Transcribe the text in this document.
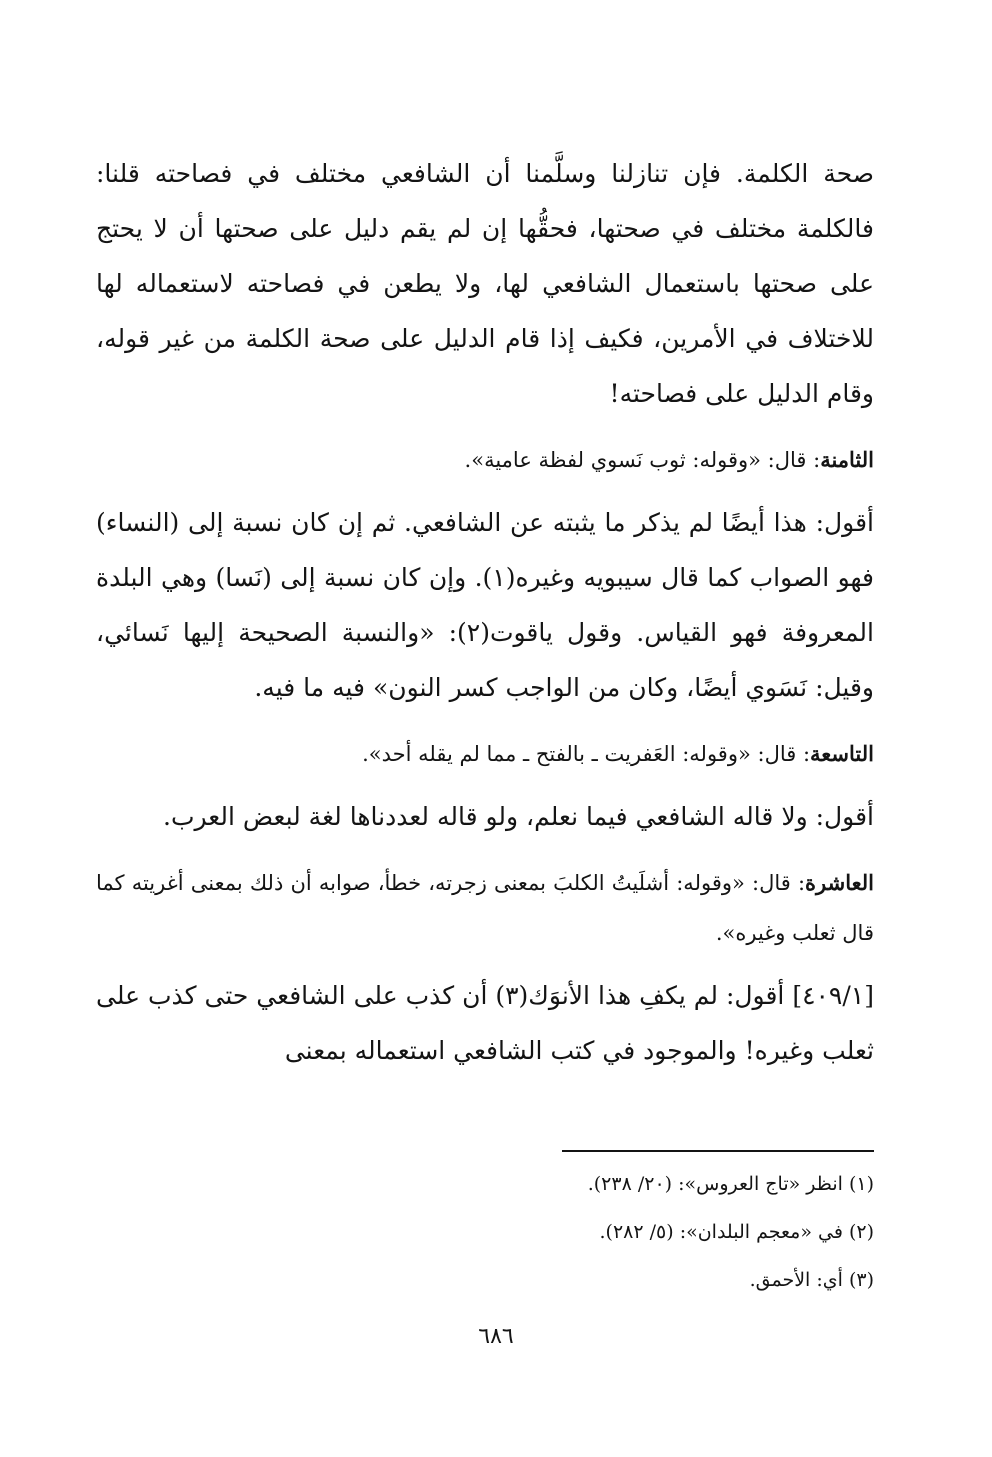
صحة الكلمة. فإن تنازلنا وسلَّمنا أن الشافعي مختلف في فصاحته قلنا: فالكلمة مختلف في صحتها، فحقُّها إن لم يقم دليل على صحتها أن لا يحتج على صحتها باستعمال الشافعي لها، ولا يطعن في فصاحته لاستعماله لها للاختلاف في الأمرين، فكيف إذا قام الدليل على صحة الكلمة من غير قوله، وقام الدليل على فصاحته!

الثامنة: قال: «وقوله: ثوب نَسوي لفظة عامية».

أقول: هذا أيضًا لم يذكر ما يثبته عن الشافعي. ثم إن كان نسبة إلى (النساء) فهو الصواب كما قال سيبويه وغيره(١). وإن كان نسبة إلى (نَسا) وهي البلدة المعروفة فهو القياس. وقول ياقوت(٢): «والنسبة الصحيحة إليها نَسائي، وقيل: نَسَوي أيضًا، وكان من الواجب كسر النون» فيه ما فيه.

التاسعة: قال: «وقوله: العَفريت ـ بالفتح ـ مما لم يقله أحد».

أقول: ولا قاله الشافعي فيما نعلم، ولو قاله لعددناها لغة لبعض العرب.

العاشرة: قال: «وقوله: أشلَيتُ الكلبَ بمعنى زجرته، خطأ، صوابه أن ذلك بمعنى أغريته كما قال ثعلب وغيره».

[٤٠٩/١] أقول: لم يكفِ هذا الأنوَك(٣) أن كذب على الشافعي حتى كذب على ثعلب وغيره! والموجود في كتب الشافعي استعماله بمعنى

(١) انظر «تاج العروس»: (٢٠/ ٢٣٨).

(٢) في «معجم البلدان»: (٥/ ٢٨٢).

(٣) أي: الأحمق.

٦٨٦
